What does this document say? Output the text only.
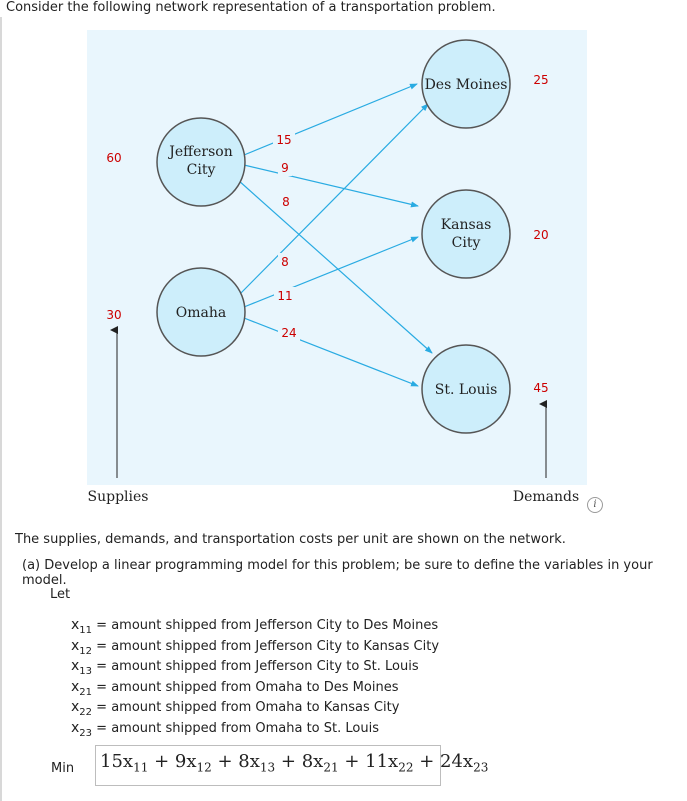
Consider the following network representation of a transportation problem.
15
9
8
8
11
24
Jefferson
City
Omaha
Des Moines
Kansas
City
St. Louis
60
30
25
20
45
Supplies	Demands	i
The supplies, demands, and transportation costs per unit are shown on the network.
(a) Develop a linear programming model for this problem; be sure to define the variables in your model.
Let
$x_{11}$ = amount shipped from Jefferson City to Des Moines
$x_{12}$ = amount shipped from Jefferson City to Kansas City
$x_{13}$ = amount shipped from Jefferson City to St. Louis
$x_{21}$ = amount shipped from Omaha to Des Moines
$x_{22}$ = amount shipped from Omaha to Kansas City
$x_{23}$ = amount shipped from Omaha to St. Louis
Min $15x_{11} + 9x_{12} + 8x_{13} + 8x_{21} + 11x_{22} + 24x_{23}$
